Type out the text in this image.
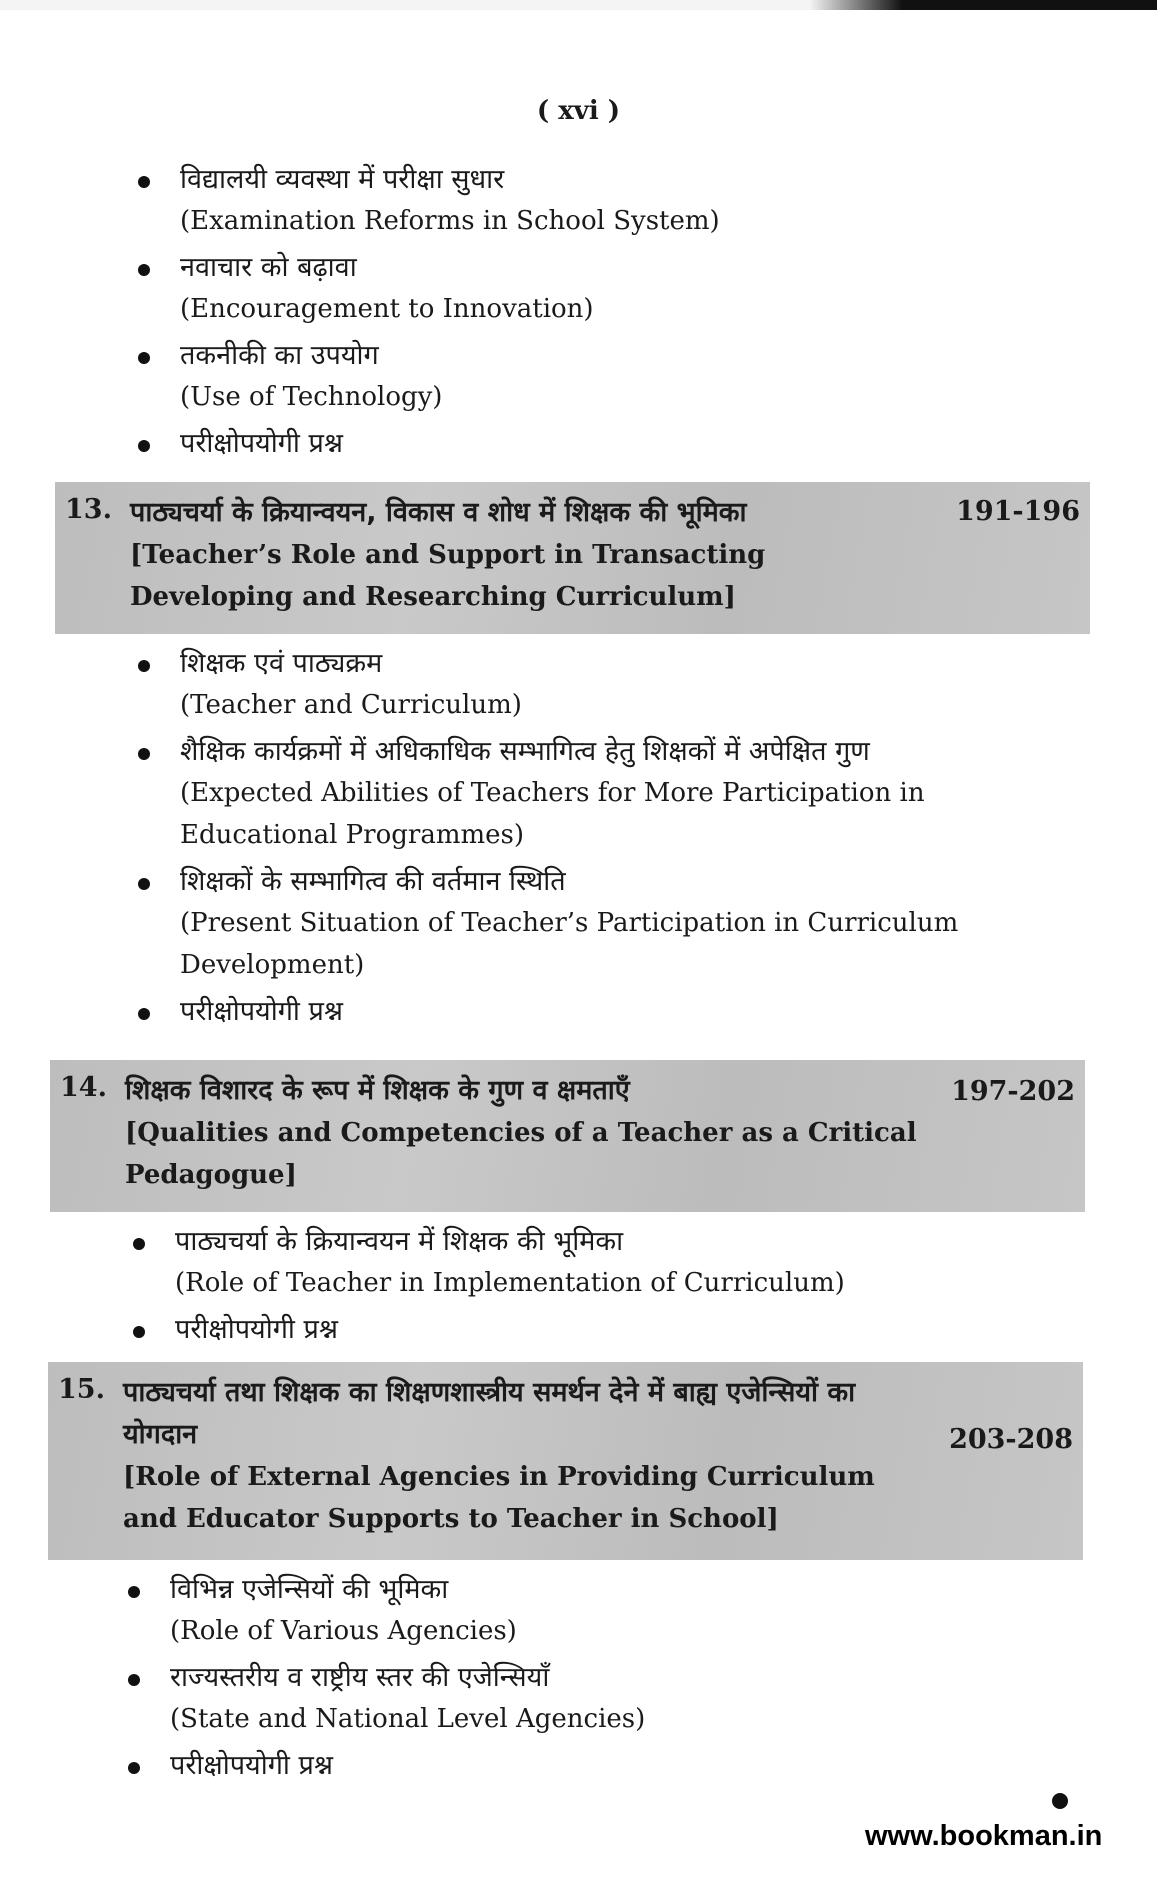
( xvi )
विद्यालयी व्यवस्था में परीक्षा सुधार
(Examination Reforms in School System)
नवाचार को बढ़ावा
(Encouragement to Innovation)
तकनीकी का उपयोग
(Use of Technology)
परीक्षोपयोगी प्रश्न
13. पाठ्यचर्या के क्रियान्वयन, विकास व शोध में शिक्षक की भूमिका
[Teacher’s Role and Support in Transacting Developing and Researching Curriculum]
191-196
शिक्षक एवं पाठ्यक्रम
(Teacher and Curriculum)
शैक्षिक कार्यक्रमों में अधिकाधिक सम्भागित्व हेतु शिक्षकों में अपेक्षित गुण
(Expected Abilities of Teachers for More Participation in Educational Programmes)
शिक्षकों के सम्भागित्व की वर्तमान स्थिति
(Present Situation of Teacher’s Participation in Curriculum Development)
परीक्षोपयोगी प्रश्न
14. शिक्षक विशारद के रूप में शिक्षक के गुण व क्षमताएँ
[Qualities and Competencies of a Teacher as a Critical Pedagogue]
197-202
पाठ्यचर्या के क्रियान्वयन में शिक्षक की भूमिका
(Role of Teacher in Implementation of Curriculum)
परीक्षोपयोगी प्रश्न
15. पाठ्यचर्या तथा शिक्षक का शिक्षणशास्त्रीय समर्थन देने में बाह्य एजेन्सियों का योगदान
[Role of External Agencies in Providing Curriculum and Educator Supports to Teacher in School]
203-208
विभिन्न एजेन्सियों की भूमिका
(Role of Various Agencies)
राज्यस्तरीय व राष्ट्रीय स्तर की एजेन्सियाँ
(State and National Level Agencies)
परीक्षोपयोगी प्रश्न
www.bookman.in
